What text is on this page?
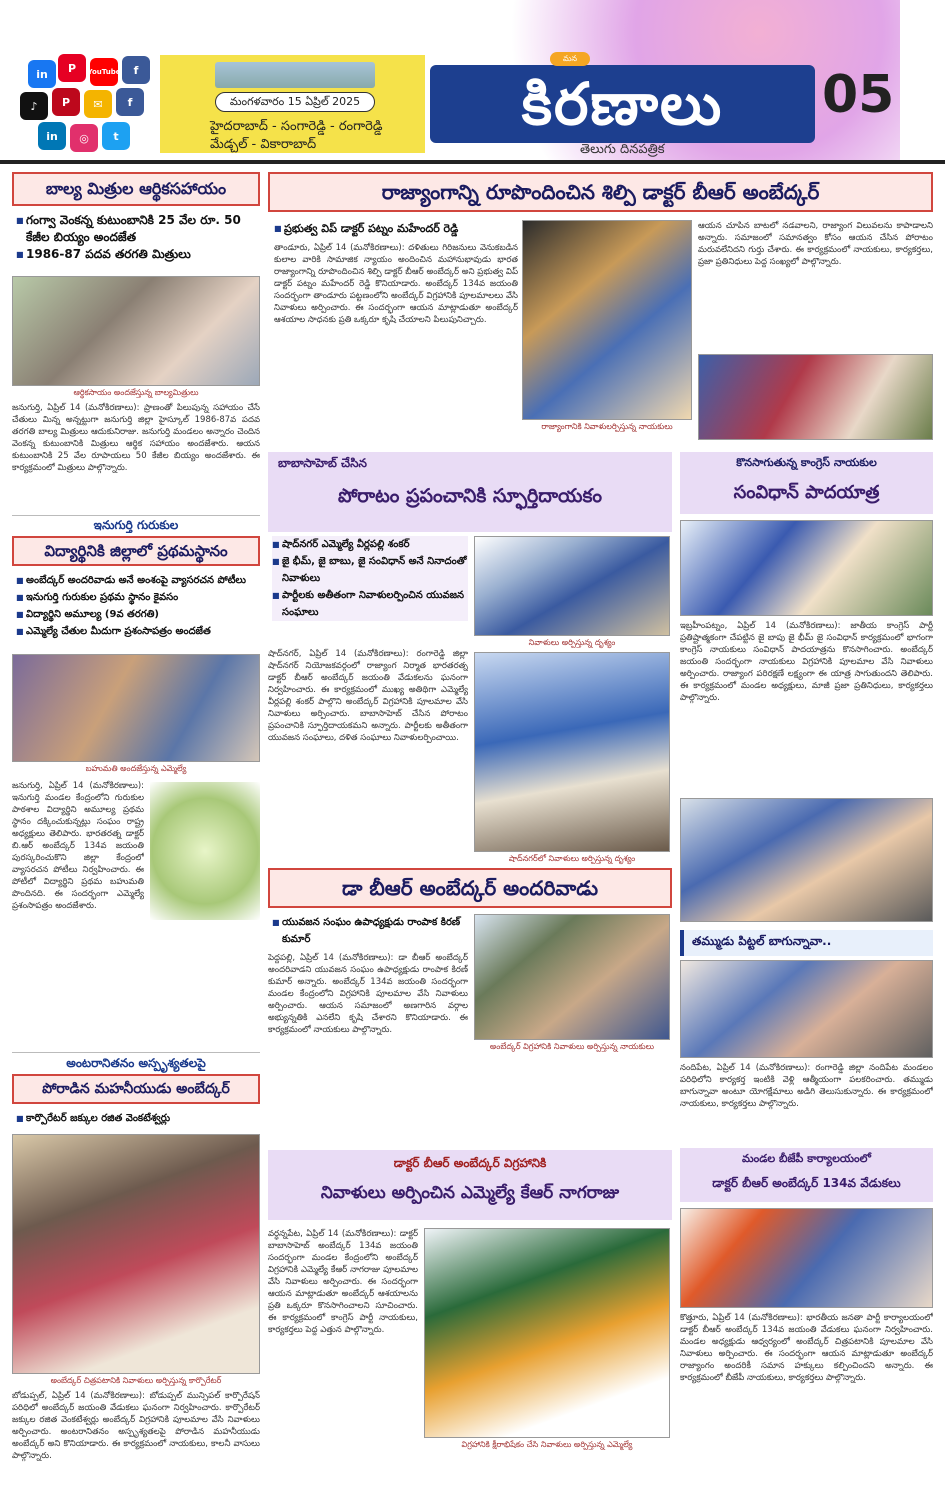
in	P	YouTube	f
♪	P	✉	f
in	◎	t
మంగళవారం 15 ఏప్రిల్ 2025
హైదరాబాద్ - సంగారెడ్డి - రంగారెడ్డి
మేడ్చల్ - వికారాబాద్
కిరణాలు
మన
తెలుగు దినపత్రిక
05
బాల్య మిత్రుల ఆర్థికసహాయం
■ గంగ్వా వెంకన్న కుటుంబానికి 25 వేల రూ. 50 కేజీల బియ్యం అందజేత
■ 1986-87 పదవ తరగతి మిత్రులు
ఆర్థికసాయం అందజేస్తున్న బాల్యమిత్రులు
జనుగుర్తి, ఏప్రిల్ 14 (మనోకిరణాలు): ప్రాణంతో పిలుపున్న సహాయం చేసే చేతులు మిన్న అన్నట్టుగా జనుగుర్తి జిల్లా హైస్కూల్ 1986-87వ పదవ తరగతి బాల్య మిత్రులు ఆదుకునిరాజు. జనుగుర్తి మండలం అన్నారం చెందిన వెంకన్న కుటుంబానికి మిత్రులు ఆర్థిక సహాయం అందజేశారు. ఆయన కుటుంబానికి 25 వేల రూపాయలు 50 కేజీల బియ్యం అందజేశారు. ఈ కార్యక్రమంలో మిత్రులు పాల్గొన్నారు.
ఇనుగుర్తి గురుకుల
విద్యార్థినికి జిల్లాలో ప్రథమస్థానం
■ అంబేద్కర్ అందరివాడు అనే అంశంపై వ్యాసరచన పోటీలు
■ ఇనుగుర్తి గురుకుల ప్రథమ స్థానం కైవసం
■ విద్యార్థిని అమూల్య (9వ తరగతి)
■ ఎమ్మెల్యే చేతుల మీదుగా ప్రశంసాపత్రం అందజేత
బహుమతి అందజేస్తున్న ఎమ్మెల్యే
జనుగుర్తి, ఏప్రిల్ 14 (మనోకిరణాలు): ఇనుగుర్తి మండల కేంద్రంలోని గురుకుల పాఠశాల విద్యార్థిని అమూల్య ప్రథమ స్థానం దక్కించుకున్నట్లు సంఘం రాష్ట్ర అధ్యక్షులు తెలిపారు. భారతరత్న డాక్టర్ బి.ఆర్ అంబేద్కర్ 134వ జయంతి పురస్కరించుకొని జిల్లా కేంద్రంలో వ్యాసరచన పోటీలు నిర్వహించారు. ఈ పోటీలో విద్యార్థిని ప్రథమ బహుమతి పొందినది. ఈ సందర్భంగా ఎమ్మెల్యే ప్రశంసాపత్రం అందజేశారు.
అంటరానితనం అస్పృశ్యతలపై
పోరాడిన మహనీయుడు అంబేద్కర్
■ కార్పొరేటర్ జక్కుల రజిత వెంకటేశ్వర్లు
అంబేద్కర్ చిత్రపటానికి నివాళులు అర్పిస్తున్న కార్పొరేటర్
బోడుప్పల్, ఏప్రిల్ 14 (మనోకిరణాలు): బోడుప్పల్ మున్సిపల్ కార్పొరేషన్ పరిధిలో అంబేద్కర్ జయంతి వేడుకలు ఘనంగా నిర్వహించారు. కార్పొరేటర్ జక్కుల రజిత వెంకటేశ్వర్లు అంబేద్కర్ విగ్రహానికి పూలమాల వేసి నివాళులు అర్పించారు. అంటరానితనం అస్పృశ్యతలపై పోరాడిన మహనీయుడు అంబేద్కర్ అని కొనియాడారు. ఈ కార్యక్రమంలో నాయకులు, కాలనీ వాసులు పాల్గొన్నారు.
రాజ్యాంగాన్ని రూపొందించిన శిల్పి డాక్టర్ బీఆర్ అంబేద్కర్
■ ప్రభుత్వ విప్ డాక్టర్ పట్నం మహేందర్ రెడ్డి
తాండూరు, ఏప్రిల్ 14 (మనోకిరణాలు): దళితులు గిరిజనులు వెనుకబడిన కులాల వారికి సామాజిక న్యాయం అందించిన మహానుభావుడు భారత రాజ్యాంగాన్ని రూపొందించిన శిల్పి డాక్టర్ బీఆర్ అంబేద్కర్ అని ప్రభుత్వ విప్ డాక్టర్ పట్నం మహేందర్ రెడ్డి కొనియాడారు. అంబేద్కర్ 134వ జయంతి సందర్భంగా తాండూరు పట్టణంలోని అంబేద్కర్ విగ్రహానికి పూలమాలలు వేసి నివాళులు అర్పించారు. ఈ సందర్భంగా ఆయన మాట్లాడుతూ అంబేద్కర్ ఆశయాల సాధనకు ప్రతి ఒక్కరూ కృషి చేయాలని పిలుపునిచ్చారు.
రాజ్యాంగానికి నివాళులర్పిస్తున్న నాయకులు
ఆయన చూపిన బాటలో నడవాలని, రాజ్యాంగ విలువలను కాపాడాలని అన్నారు. సమాజంలో సమానత్వం కోసం ఆయన చేసిన పోరాటం మరువలేనిదని గుర్తు చేశారు. ఈ కార్యక్రమంలో నాయకులు, కార్యకర్తలు, ప్రజా ప్రతినిధులు పెద్ద సంఖ్యలో పాల్గొన్నారు.
బాబాసాహెబ్ చేసిన
పోరాటం ప్రపంచానికి స్ఫూర్తిదాయకం
■ షాద్‌నగర్ ఎమ్మెల్యే వీర్లపల్లి శంకర్
■ జై భీమ్, జై బాబు, జై సంవిధాన్ అనే నినాదంతో నివాళులు
■ పార్టీలకు అతీతంగా నివాళులర్పించిన యువజన సంఘాలు
నివాళులు అర్పిస్తున్న దృశ్యం
షాద్‌నగర్, ఏప్రిల్ 14 (మనోకిరణాలు): రంగారెడ్డి జిల్లా షాద్‌నగర్ నియోజకవర్గంలో రాజ్యాంగ నిర్మాత భారతరత్న డాక్టర్ బీఆర్ అంబేద్కర్ జయంతి వేడుకలను ఘనంగా నిర్వహించారు. ఈ కార్యక్రమంలో ముఖ్య అతిథిగా ఎమ్మెల్యే వీర్లపల్లి శంకర్ పాల్గొని అంబేద్కర్ విగ్రహానికి పూలమాల వేసి నివాళులు అర్పించారు. బాబాసాహెబ్ చేసిన పోరాటం ప్రపంచానికి స్ఫూర్తిదాయకమని అన్నారు. పార్టీలకు అతీతంగా యువజన సంఘాలు, దళిత సంఘాలు నివాళులర్పించాయి.
షాద్‌నగర్‌లో నివాళులు అర్పిస్తున్న దృశ్యం
డా బీఆర్ అంబేద్కర్ అందరివాడు
■ యువజన సంఘం ఉపాధ్యక్షుడు రాంపాక కిరణ్ కుమార్
పెద్దపల్లి, ఏప్రిల్ 14 (మనోకిరణాలు): డా బీఆర్ అంబేద్కర్ అందరివాడని యువజన సంఘం ఉపాధ్యక్షుడు రాంపాక కిరణ్ కుమార్ అన్నారు. అంబేద్కర్ 134వ జయంతి సందర్భంగా మండల కేంద్రంలోని విగ్రహానికి పూలమాల వేసి నివాళులు అర్పించారు. ఆయన సమాజంలో అణగారిన వర్గాల అభ్యున్నతికి ఎనలేని కృషి చేశారని కొనియాడారు. ఈ కార్యక్రమంలో నాయకులు పాల్గొన్నారు.
అంబేద్కర్ విగ్రహానికి నివాళులు అర్పిస్తున్న నాయకులు
డాక్టర్ బీఆర్ అంబేద్కర్ విగ్రహానికి
నివాళులు అర్పించిన ఎమ్మెల్యే కేఆర్ నాగరాజు
వర్ధన్నపేట, ఏప్రిల్ 14 (మనోకిరణాలు): డాక్టర్ బాబాసాహెబ్ అంబేద్కర్ 134వ జయంతి సందర్భంగా మండల కేంద్రంలోని అంబేద్కర్ విగ్రహానికి ఎమ్మెల్యే కేఆర్ నాగరాజు పూలమాల వేసి నివాళులు అర్పించారు. ఈ సందర్భంగా ఆయన మాట్లాడుతూ అంబేద్కర్ ఆశయాలను ప్రతి ఒక్కరూ కొనసాగించాలని సూచించారు. ఈ కార్యక్రమంలో కాంగ్రెస్ పార్టీ నాయకులు, కార్యకర్తలు పెద్ద ఎత్తున పాల్గొన్నారు.
విగ్రహానికి క్షీరాభిషేకం చేసి నివాళులు అర్పిస్తున్న ఎమ్మెల్యే
కొనసాగుతున్న కాంగ్రెస్ నాయకుల
సంవిధాన్ పాదయాత్ర
ఇబ్రహీంపట్నం, ఏప్రిల్ 14 (మనోకిరణాలు): జాతీయ కాంగ్రెస్ పార్టీ ప్రతిష్టాత్మకంగా చేపట్టిన జై బాపు జై భీమ్ జై సంవిధాన్ కార్యక్రమంలో భాగంగా కాంగ్రెస్ నాయకులు సంవిధాన్ పాదయాత్రను కొనసాగించారు. అంబేద్కర్ జయంతి సందర్భంగా నాయకులు విగ్రహానికి పూలమాల వేసి నివాళులు అర్పించారు. రాజ్యాంగ పరిరక్షణే లక్ష్యంగా ఈ యాత్ర సాగుతుందని తెలిపారు. ఈ కార్యక్రమంలో మండల అధ్యక్షులు, మాజీ ప్రజా ప్రతినిధులు, కార్యకర్తలు పాల్గొన్నారు.
తమ్ముడు పిట్టల్ బాగున్నావా..
నందిపేట, ఏప్రిల్ 14 (మనోకిరణాలు): రంగారెడ్డి జిల్లా నందిపేట మండలం పరిధిలోని కార్యకర్త ఇంటికి వెళ్లి ఆత్మీయంగా పలకరించారు. తమ్ముడు బాగున్నావా అంటూ యోగక్షేమాలు అడిగి తెలుసుకున్నారు. ఈ కార్యక్రమంలో నాయకులు, కార్యకర్తలు పాల్గొన్నారు.
మండల బీజేపీ కార్యాలయంలో
డాక్టర్ బీఆర్ అంబేద్కర్ 134వ వేడుకలు
కొత్తూరు, ఏప్రిల్ 14 (మనోకిరణాలు): భారతీయ జనతా పార్టీ కార్యాలయంలో డాక్టర్ బీఆర్ అంబేద్కర్ 134వ జయంతి వేడుకలు ఘనంగా నిర్వహించారు. మండల అధ్యక్షుడు ఆధ్వర్యంలో అంబేద్కర్ చిత్రపటానికి పూలమాల వేసి నివాళులు అర్పించారు. ఈ సందర్భంగా ఆయన మాట్లాడుతూ అంబేద్కర్ రాజ్యాంగం అందరికీ సమాన హక్కులు కల్పించిందని అన్నారు. ఈ కార్యక్రమంలో బీజేపీ నాయకులు, కార్యకర్తలు పాల్గొన్నారు.
